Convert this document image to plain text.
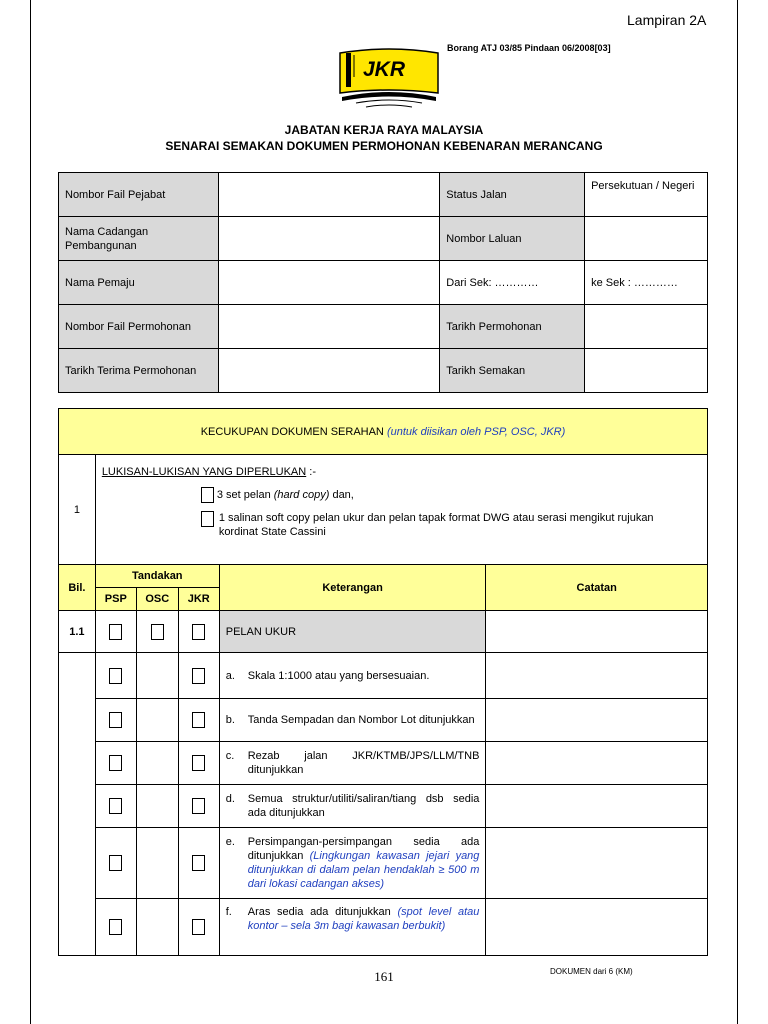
Lampiran 2A
Borang ATJ 03/85 Pindaan 06/2008[03]
JKR
JABATAN KERJA RAYA MALAYSIA
SENARAI SEMAKAN DOKUMEN PERMOHONAN KEBENARAN MERANCANG
Nombor Fail Pejabat		Status Jalan	Persekutuan / Negeri
Nama Cadangan Pembangunan		Nombor Laluan	
Nama Pemaju		Dari Sek: …………	ke Sek : …………
Nombor Fail Permohonan		Tarikh Permohonan	
Tarikh Terima Permohonan		Tarikh Semakan	
KECUKUPAN DOKUMEN SERAHAN (untuk diisikan oleh PSP, OSC, JKR)					
1	LUKISAN-LUKISAN YANG DIPERLUKAN :-
3 set pelan (hard copy) dan,
1 salinan soft copy pelan ukur dan pelan tapak format DWG atau serasi mengikut rujukan kordinat State Cassini				

Bil.	Tandakan			Keterangan	Catatan
	PSP	OSC	JKR		
1.1				PELAN UKUR	

				a. Skala 1:1000 atau yang bersesuaian.	

				b. Tanda Sempadan dan Nombor Lot ditunjukkan	

				c. Rezab jalan JKR/KTMB/JPS/LLM/TNB ditunjukkan	

				d. Semua struktur/utiliti/saliran/tiang dsb sedia ada ditunjukkan	

				e. Persimpangan-persimpangan sedia ada ditunjukkan (Lingkungan kawasan jejari yang ditunjukkan di dalam pelan hendaklah ≥ 500 m dari lokasi cadangan akses)	

				f. Aras sedia ada ditunjukkan (spot level atau kontor – sela 3m bagi kawasan berbukit)	

161	DOKUMEN dari 6 (KM)
